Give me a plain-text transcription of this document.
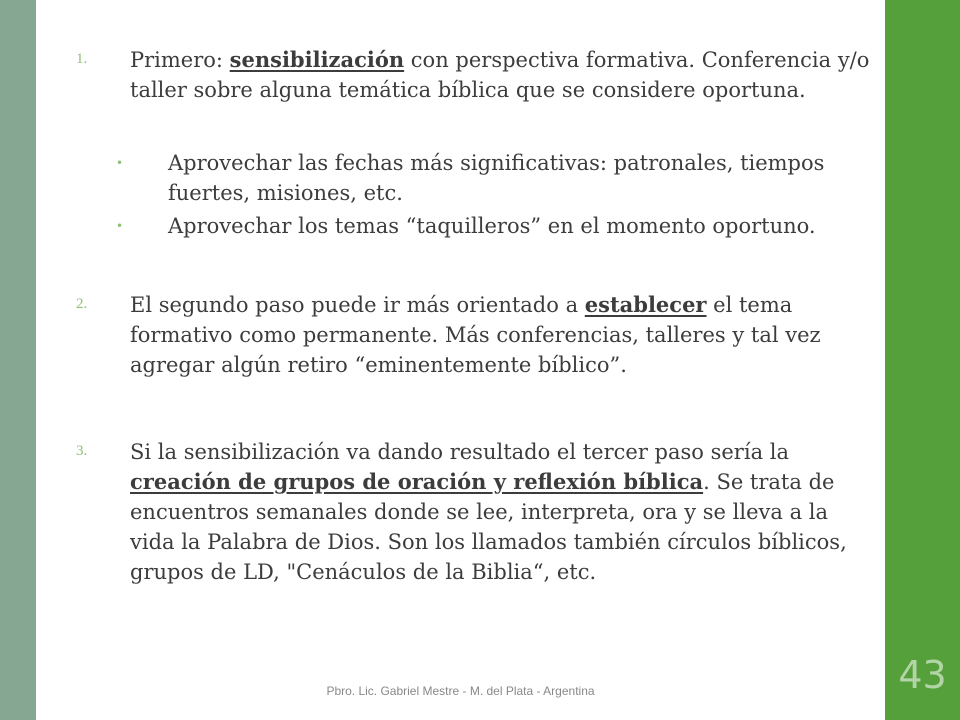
43
1. Primero: sensibilización con perspectiva formativa. Conferencia y/o taller sobre alguna temática bíblica que se considere oportuna.
• Aprovechar las fechas más significativas: patronales, tiempos fuertes, misiones, etc.
• Aprovechar los temas “taquilleros” en el momento oportuno.
2. El segundo paso puede ir más orientado a establecer el tema formativo como permanente. Más conferencias, talleres y tal vez agregar algún retiro “eminentemente bíblico”.
3. Si la sensibilización va dando resultado el tercer paso sería la creación de grupos de oración y reflexión bíblica. Se trata de encuentros semanales donde se lee, interpreta, ora y se lleva a la vida la Palabra de Dios. Son los llamados también círculos bíblicos, grupos de LD, "Cenáculos de la Biblia“, etc.
Pbro. Lic. Gabriel Mestre - M. del Plata - Argentina
